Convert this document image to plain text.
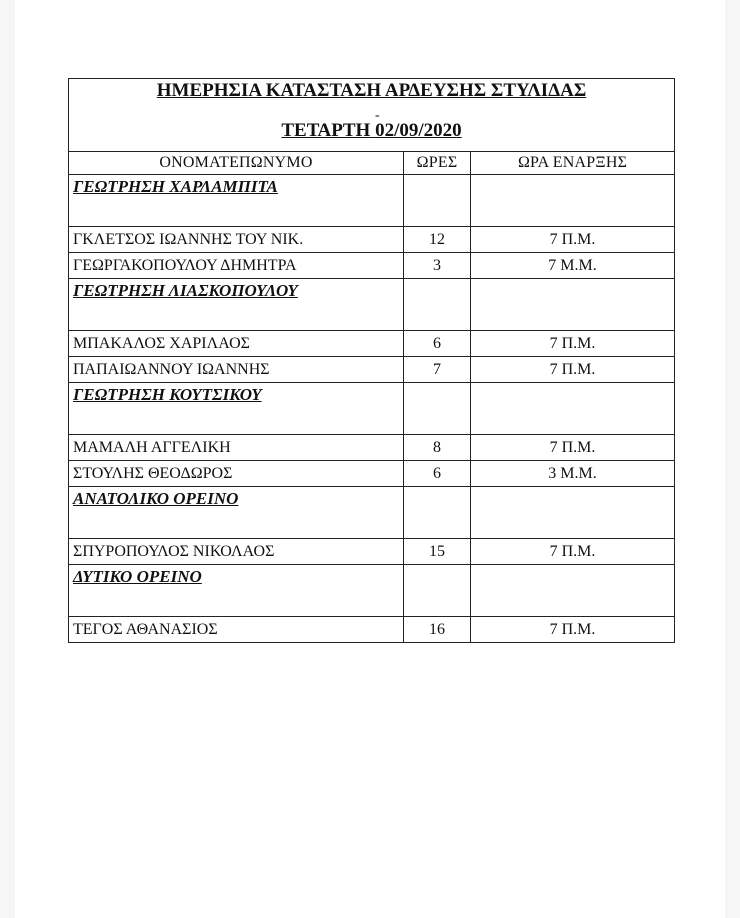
ΗΜΕΡΗΣΙΑ ΚΑΤΑΣΤΑΣΗ ΑΡΔΕΥΣΗΣ ΣΤΥΛΙΔΑΣ
-
ΤΕΤΑΡΤΗ 02/09/2020		

ΟΝΟΜΑΤΕΠΩΝΥΜΟ	ΩΡΕΣ	ΩΡΑ ΕΝΑΡΞΗΣ
ΓΕΩΤΡΗΣΗ ΧΑΡΛΑΜΠΙΤΑ		
ΓΚΛΕΤΣΟΣ ΙΩΑΝΝΗΣ ΤΟΥ ΝΙΚ.	12	7 Π.Μ.
ΓΕΩΡΓΑΚΟΠΟΥΛΟΥ ΔΗΜΗΤΡΑ	3	7 Μ.Μ.
ΓΕΩΤΡΗΣΗ ΛΙΑΣΚΟΠΟΥΛΟΥ		
ΜΠΑΚΑΛΟΣ ΧΑΡΙΛΑΟΣ	6	7 Π.Μ.
ΠΑΠΑΙΩΑΝΝΟΥ ΙΩΑΝΝΗΣ	7	7 Π.Μ.
ΓΕΩΤΡΗΣΗ ΚΟΥΤΣΙΚΟΥ		
ΜΑΜΑΛΗ ΑΓΓΕΛΙΚΗ	8	7 Π.Μ.
ΣΤΟΥΛΗΣ ΘΕΟΔΩΡΟΣ	6	3 Μ.Μ.
ΑΝΑΤΟΛΙΚΟ ΟΡΕΙΝΟ		
ΣΠΥΡΟΠΟΥΛΟΣ ΝΙΚΟΛΑΟΣ	15	7 Π.Μ.
ΔΥΤΙΚΟ ΟΡΕΙΝΟ		
ΤΕΓΟΣ ΑΘΑΝΑΣΙΟΣ	16	7 Π.Μ.
